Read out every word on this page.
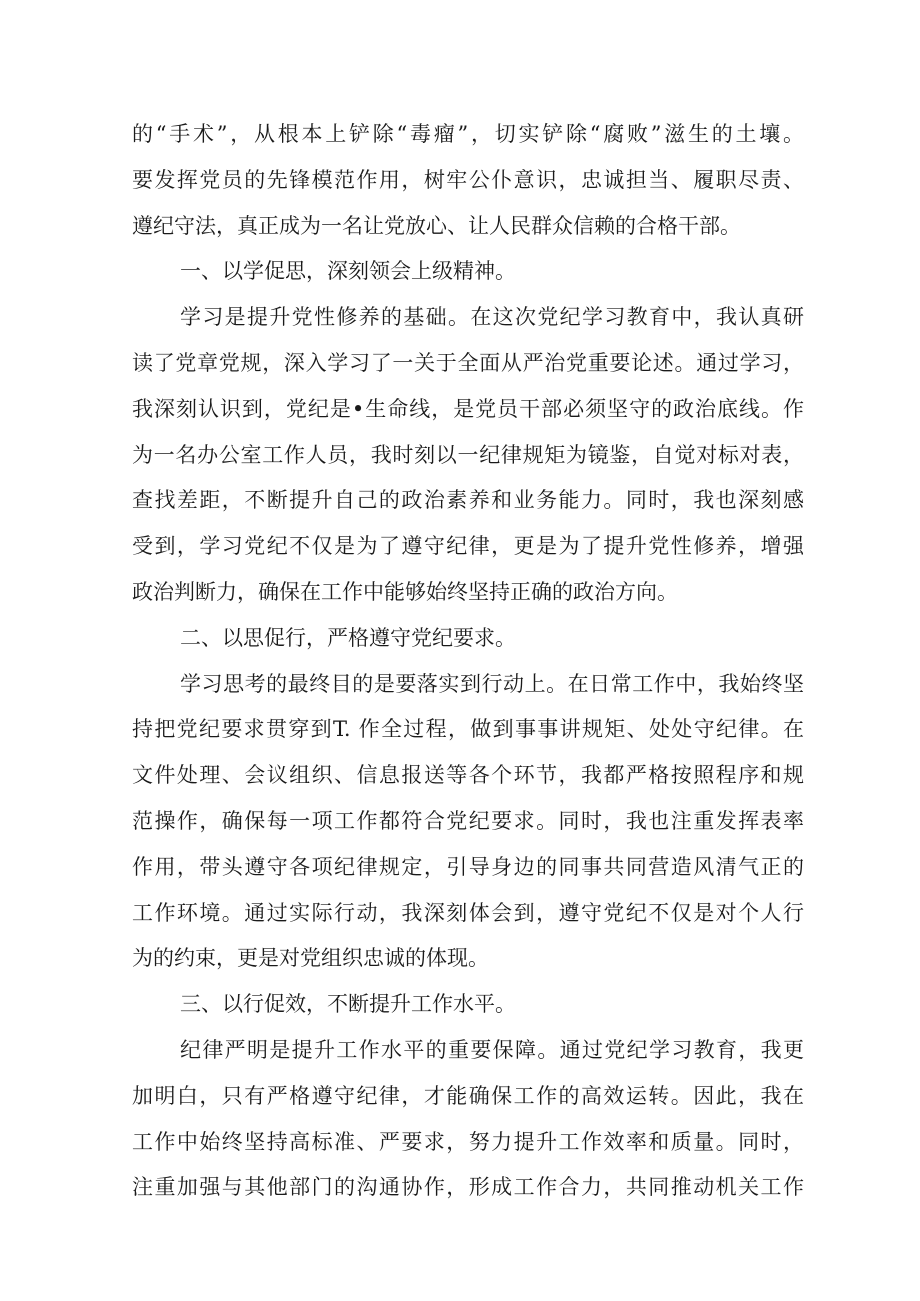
的“手术”，从根本上铲除“毒瘤”，切实铲除“腐败”滋生的土壤。
要发挥党员的先锋模范作用，树牢公仆意识，忠诚担当、履职尽责、
遵纪守法，真正成为一名让党放心、让人民群众信赖的合格干部。
一、以学促思，深刻领会上级精神。
学习是提升党性修养的基础。在这次党纪学习教育中，我认真研
读了党章党规，深入学习了一关于全面从严治党重要论述。通过学习，
我深刻认识到，党纪是•生命线，是党员干部必须坚守的政治底线。作
为一名办公室工作人员，我时刻以一纪律规矩为镜鉴，自觉对标对表，
查找差距，不断提升自己的政治素养和业务能力。同时，我也深刻感
受到，学习党纪不仅是为了遵守纪律，更是为了提升党性修养，增强
政治判断力，确保在工作中能够始终坚持正确的政治方向。
二、以思促行，严格遵守党纪要求。
学习思考的最终目的是要落实到行动上。在日常工作中，我始终坚
持把党纪要求贯穿到T. 作全过程，做到事事讲规矩、处处守纪律。在
文件处理、会议组织、信息报送等各个环节，我都严格按照程序和规
范操作，确保每一项工作都符合党纪要求。同时，我也注重发挥表率
作用，带头遵守各项纪律规定，引导身边的同事共同营造风清气正的
工作环境。通过实际行动，我深刻体会到，遵守党纪不仅是对个人行
为的约束，更是对党组织忠诚的体现。
三、以行促效，不断提升工作水平。
纪律严明是提升工作水平的重要保障。通过党纪学习教育，我更
加明白，只有严格遵守纪律，才能确保工作的高效运转。因此，我在
工作中始终坚持高标准、严要求，努力提升工作效率和质量。同时，
注重加强与其他部门的沟通协作，形成工作合力，共同推动机关工作
